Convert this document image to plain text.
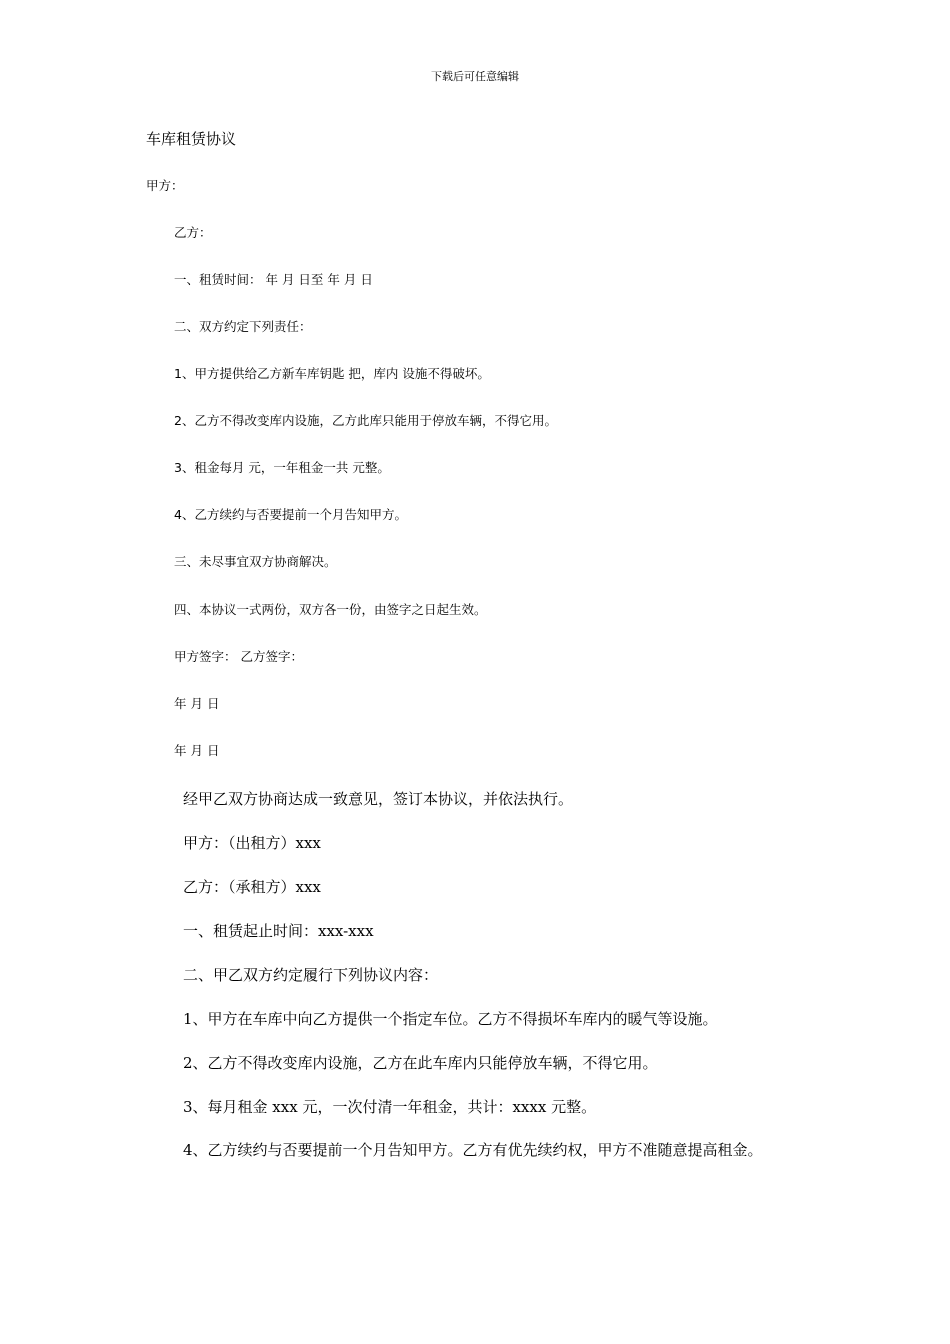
下载后可任意编辑
车库租赁协议
甲方：
乙方：
一、租赁时间： 年 月 日至 年 月 日
二、双方约定下列责任：
1、甲方提供给乙方新车库钥匙 把，库内 设施不得破坏。
2、乙方不得改变库内设施，乙方此库只能用于停放车辆，不得它用。
3、租金每月 元，一年租金一共 元整。
4、乙方续约与否要提前一个月告知甲方。
三、未尽事宜双方协商解决。
四、本协议一式两份，双方各一份，由签字之日起生效。
甲方签字： 乙方签字：
年 月 日
年 月 日
经甲乙双方协商达成一致意见，签订本协议，并依法执行。
甲方：（出租方）xxx
乙方：（承租方）xxx
一、租赁起止时间：xxx-xxx
二、甲乙双方约定履行下列协议内容：
1、甲方在车库中向乙方提供一个指定车位。乙方不得损坏车库内的暖气等设施。
2、乙方不得改变库内设施，乙方在此车库内只能停放车辆，不得它用。
3、每月租金 xxx 元，一次付清一年租金，共计：xxxx 元整。
4、乙方续约与否要提前一个月告知甲方。乙方有优先续约权，甲方不准随意提高租金。
